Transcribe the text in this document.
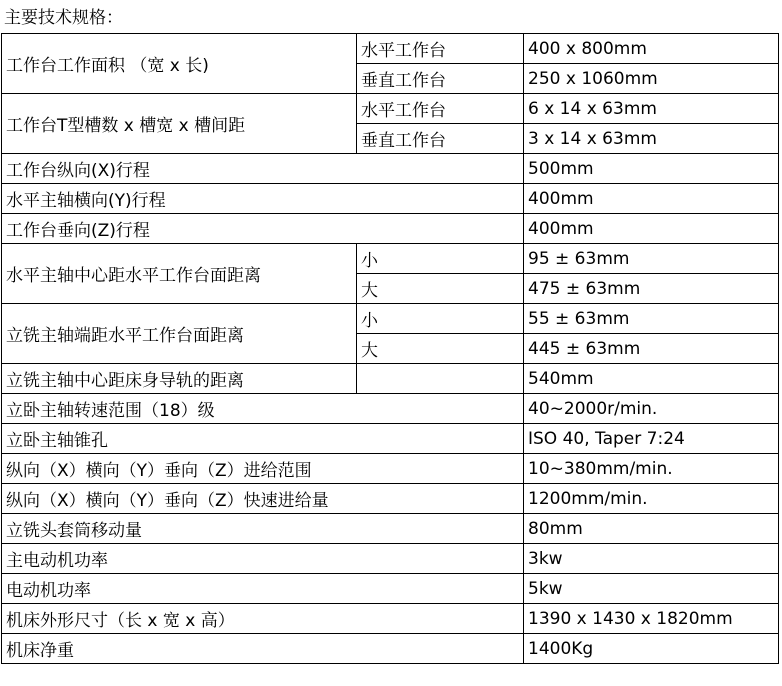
主要技术规格：
工作台工作面积 （宽 x 长)	水平工作台	400 x 800mm
	垂直工作台	250 x 1060mm
工作台T型槽数 x 槽宽 x 槽间距	水平工作台	6 x 14 x 63mm
	垂直工作台	3 x 14 x 63mm
工作台纵向(X)行程		500mm
水平主轴横向(Y)行程		400mm
工作台垂向(Z)行程		400mm
水平主轴中心距水平工作台面距离	小	95 ± 63mm
	大	475 ± 63mm
立铣主轴端距水平工作台面距离	小	55 ± 63mm
	大	445 ± 63mm
立铣主轴中心距床身导轨的距离		540mm
立卧主轴转速范围（18）级		40~2000r/min.
立卧主轴锥孔		ISO 40, Taper 7:24
纵向（X）横向（Y）垂向（Z）进给范围		10~380mm/min.
纵向（X）横向（Y）垂向（Z）快速进给量		1200mm/min.
立铣头套筒移动量		80mm
主电动机功率		3kw
电动机功率		5kw
机床外形尺寸（长 x 宽 x 高）		1390 x 1430 x 1820mm
机床净重		1400Kg
